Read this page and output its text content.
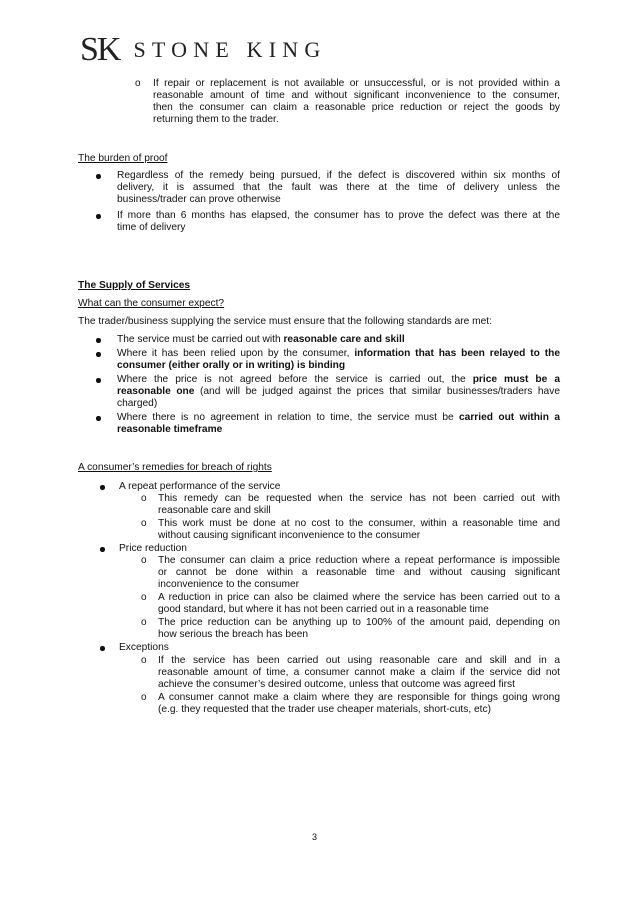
SK STONE KING
o If repair or replacement is not available or unsuccessful, or is not provided within a
reasonable amount of time and without significant inconvenience to the consumer,
then the consumer can claim a reasonable price reduction or reject the goods by
returning them to the trader.
The burden of proof
Regardless of the remedy being pursued, if the defect is discovered within six months of
delivery, it is assumed that the fault was there at the time of delivery unless the
business/trader can prove otherwise
If more than 6 months has elapsed, the consumer has to prove the defect was there at the
time of delivery
The Supply of Services
What can the consumer expect?
The trader/business supplying the service must ensure that the following standards are met:
The service must be carried out with reasonable care and skill
Where it has been relied upon by the consumer, information that has been relayed to the
consumer (either orally or in writing) is binding
Where the price is not agreed before the service is carried out, the price must be a
reasonable one (and will be judged against the prices that similar businesses/traders have
charged)
Where there is no agreement in relation to time, the service must be carried out within a
reasonable timeframe
A consumer’s remedies for breach of rights
A repeat performance of the service
o This remedy can be requested when the service has not been carried out with
reasonable care and skill
o This work must be done at no cost to the consumer, within a reasonable time and
without causing significant inconvenience to the consumer
Price reduction
o The consumer can claim a price reduction where a repeat performance is impossible
or cannot be done within a reasonable time and without causing significant
inconvenience to the consumer
o A reduction in price can also be claimed where the service has been carried out to a
good standard, but where it has not been carried out in a reasonable time
o The price reduction can be anything up to 100% of the amount paid, depending on
how serious the breach has been
Exceptions
o If the service has been carried out using reasonable care and skill and in a
reasonable amount of time, a consumer cannot make a claim if the service did not
achieve the consumer’s desired outcome, unless that outcome was agreed first
o A consumer cannot make a claim where they are responsible for things going wrong
(e.g. they requested that the trader use cheaper materials, short-cuts, etc)
3
